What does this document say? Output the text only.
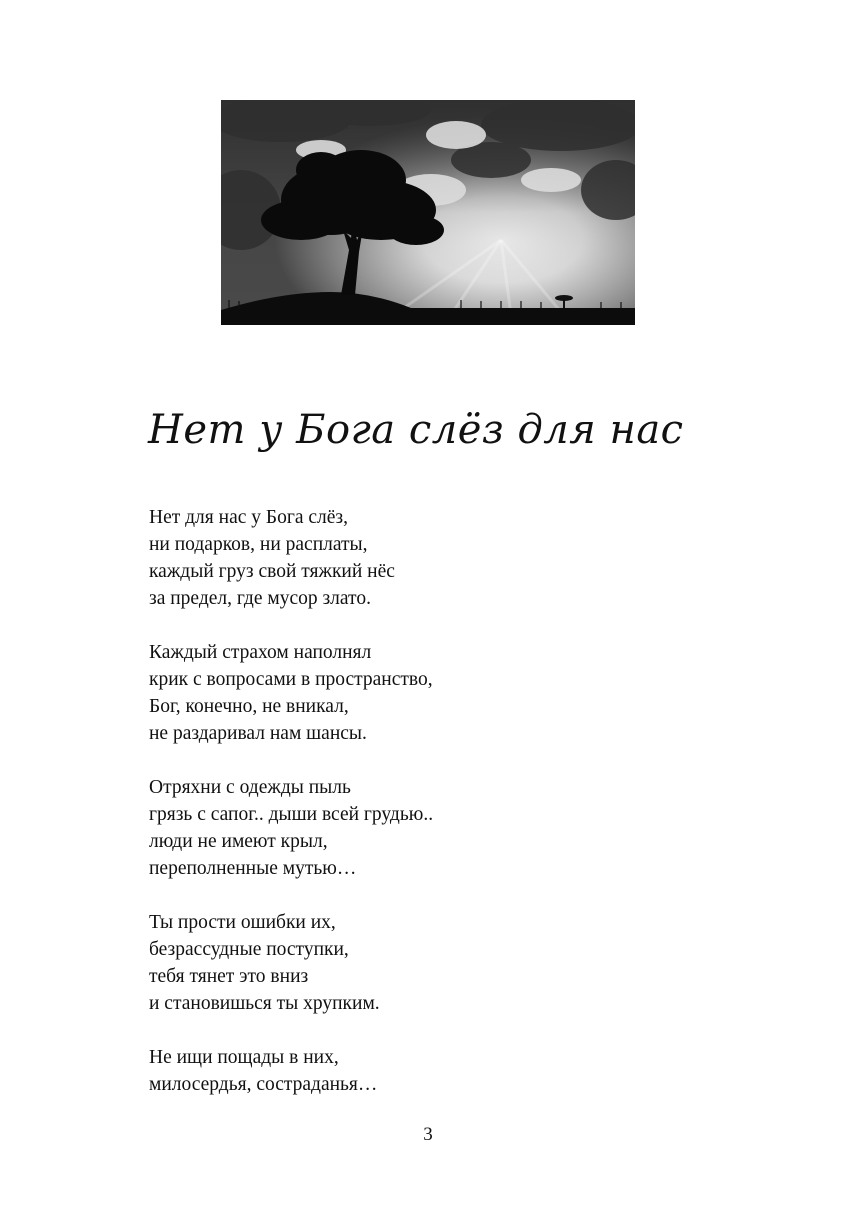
Нет у Бога слёз для нас
Нет для нас у Бога слёз,
ни подарков, ни расплаты,
каждый груз свой тяжкий нёс
за предел, где мусор злато.
Каждый страхом наполнял
крик с вопросами в пространство,
Бог, конечно, не вникал,
не раздаривал нам шансы.
Отряхни с одежды пыль
грязь с сапог.. дыши всей грудью..
люди не имеют крыл,
переполненные мутью…
Ты прости ошибки их,
безрассудные поступки,
тебя тянет это вниз
и становишься ты хрупким.
Не ищи пощады в них,
милосердья, состраданья…
3
